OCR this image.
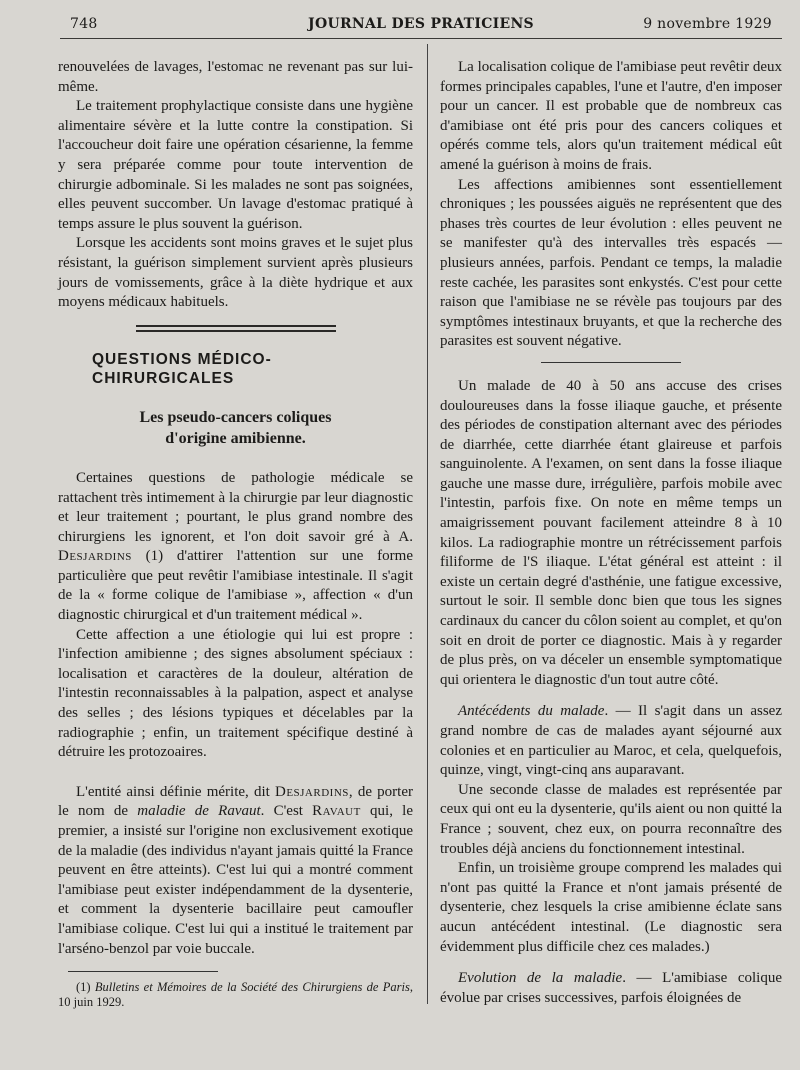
748	JOURNAL DES PRATICIENS	9 novembre 1929

renouvelées de lavages, l'estomac ne revenant pas sur lui-même.

Le traitement prophylactique consiste dans une hygiène alimentaire sévère et la lutte contre la constipation. Si l'accoucheur doit faire une opération césarienne, la femme y sera préparée comme pour toute intervention de chirurgie adbominale. Si les malades ne sont pas soignées, elles peuvent succomber. Un lavage d'estomac pratiqué à temps assure le plus souvent la guérison.

Lorsque les accidents sont moins graves et le sujet plus résistant, la guérison simplement survient après plusieurs jours de vomissements, grâce à la diète hydrique et aux moyens médicaux habituels.

QUESTIONS MÉDICO-CHIRURGICALES
Les pseudo-cancers coliques
d'origine amibienne.

Certaines questions de pathologie médicale se rattachent très intimement à la chirurgie par leur diagnostic et leur traitement ; pourtant, le plus grand nombre des chirurgiens les ignorent, et l'on doit savoir gré à A. Desjardins (1) d'attirer l'attention sur une forme particulière que peut revêtir l'amibiase intestinale. Il s'agit de la « forme colique de l'amibiase », affection « d'un diagnostic chirurgical et d'un traitement médical ».

Cette affection a une étiologie qui lui est propre : l'infection amibienne ; des signes absolument spéciaux : localisation et caractères de la douleur, altération de l'intestin reconnaissables à la palpation, aspect et analyse des selles ; des lésions typiques et décelables par la radiographie ; enfin, un traitement spécifique destiné à détruire les protozoaires.

L'entité ainsi définie mérite, dit Desjardins, de porter le nom de maladie de Ravaut. C'est Ravaut qui, le premier, a insisté sur l'origine non exclusivement exotique de la maladie (des individus n'ayant jamais quitté la France peuvent en être atteints). C'est lui qui a montré comment l'amibiase peut exister indépendamment de la dysenterie, et comment la dysenterie bacillaire peut camoufler l'amibiase colique. C'est lui qui a institué le traitement par l'arséno-benzol par voie buccale.

(1) Bulletins et Mémoires de la Société des Chirurgiens de Paris, 10 juin 1929.

La localisation colique de l'amibiase peut revêtir deux formes principales capables, l'une et l'autre, d'en imposer pour un cancer. Il est probable que de nombreux cas d'amibiase ont été pris pour des cancers coliques et opérés comme tels, alors qu'un traitement médical eût amené la guérison à moins de frais.

Les affections amibiennes sont essentiellement chroniques ; les poussées aiguës ne représentent que des phases très courtes de leur évolution : elles peuvent ne se manifester qu'à des intervalles très espacés — plusieurs années, parfois. Pendant ce temps, la maladie reste cachée, les parasites sont enkystés. C'est pour cette raison que l'amibiase ne se révèle pas toujours par des symptômes intestinaux bruyants, et que la recherche des parasites est souvent négative.

Un malade de 40 à 50 ans accuse des crises douloureuses dans la fosse iliaque gauche, et présente des périodes de constipation alternant avec des périodes de diarrhée, cette diarrhée étant glaireuse et parfois sanguinolente. A l'examen, on sent dans la fosse iliaque gauche une masse dure, irrégulière, parfois mobile avec l'intestin, parfois fixe. On note en même temps un amaigrissement pouvant facilement atteindre 8 à 10 kilos. La radiographie montre un rétrécissement parfois filiforme de l'S iliaque. L'état général est atteint : il existe un certain degré d'asthénie, une fatigue excessive, surtout le soir. Il semble donc bien que tous les signes cardinaux du cancer du côlon soient au complet, et qu'on soit en droit de porter ce diagnostic. Mais à y regarder de plus près, on va déceler un ensemble symptomatique qui orientera le diagnostic d'un tout autre côté.

Antécédents du malade. — Il s'agit dans un assez grand nombre de cas de malades ayant séjourné aux colonies et en particulier au Maroc, et cela, quelquefois, quinze, vingt, vingt-cinq ans auparavant.

Une seconde classe de malades est représentée par ceux qui ont eu la dysenterie, qu'ils aient ou non quitté la France ; souvent, chez eux, on pourra reconnaître des troubles déjà anciens du fonctionnement intestinal.

Enfin, un troisième groupe comprend les malades qui n'ont pas quitté la France et n'ont jamais présenté de dysenterie, chez lesquels la crise amibienne éclate sans aucun antécédent intestinal. (Le diagnostic sera évidemment plus difficile chez ces malades.)

Evolution de la maladie. — L'amibiase colique évolue par crises successives, parfois éloignées de
